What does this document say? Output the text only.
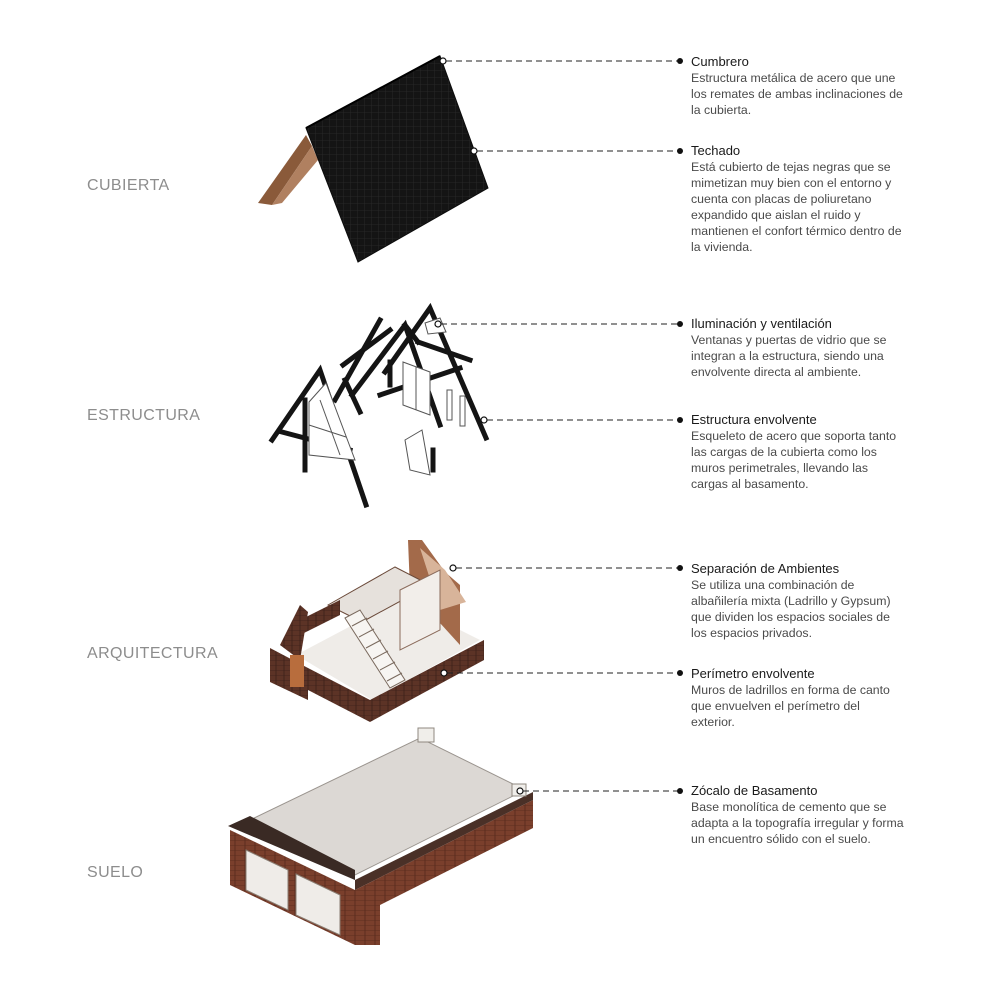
CUBIERTA

ESTRUCTURA

ARQUITECTURA

SUELO

Cumbrero
Estructura metálica de acero que une los remates de ambas inclinaciones de la cubierta.
Techado
Está cubierto de tejas negras que se mimetizan muy bien con el entorno y cuenta con placas de poliuretano expandido que aislan el ruido y mantienen el confort térmico dentro de la vivienda.
Iluminación y ventilación
Ventanas y puertas de vidrio que se integran a la estructura, siendo una envolvente directa al ambiente.
Estructura envolvente
Esqueleto de acero que soporta tanto las cargas de la cubierta como los muros perimetrales, llevando las cargas al basamento.
Separación de Ambientes
Se utiliza una combinación de albañilería mixta (Ladrillo y Gypsum) que dividen los espacios sociales de los espacios privados.
Perímetro envolvente
Muros de ladrillos en forma de canto que envuelven el perímetro del exterior.
Zócalo de Basamento
Base monolítica de cemento que se adapta a la topografía irregular y forma un encuentro sólido con el suelo.
